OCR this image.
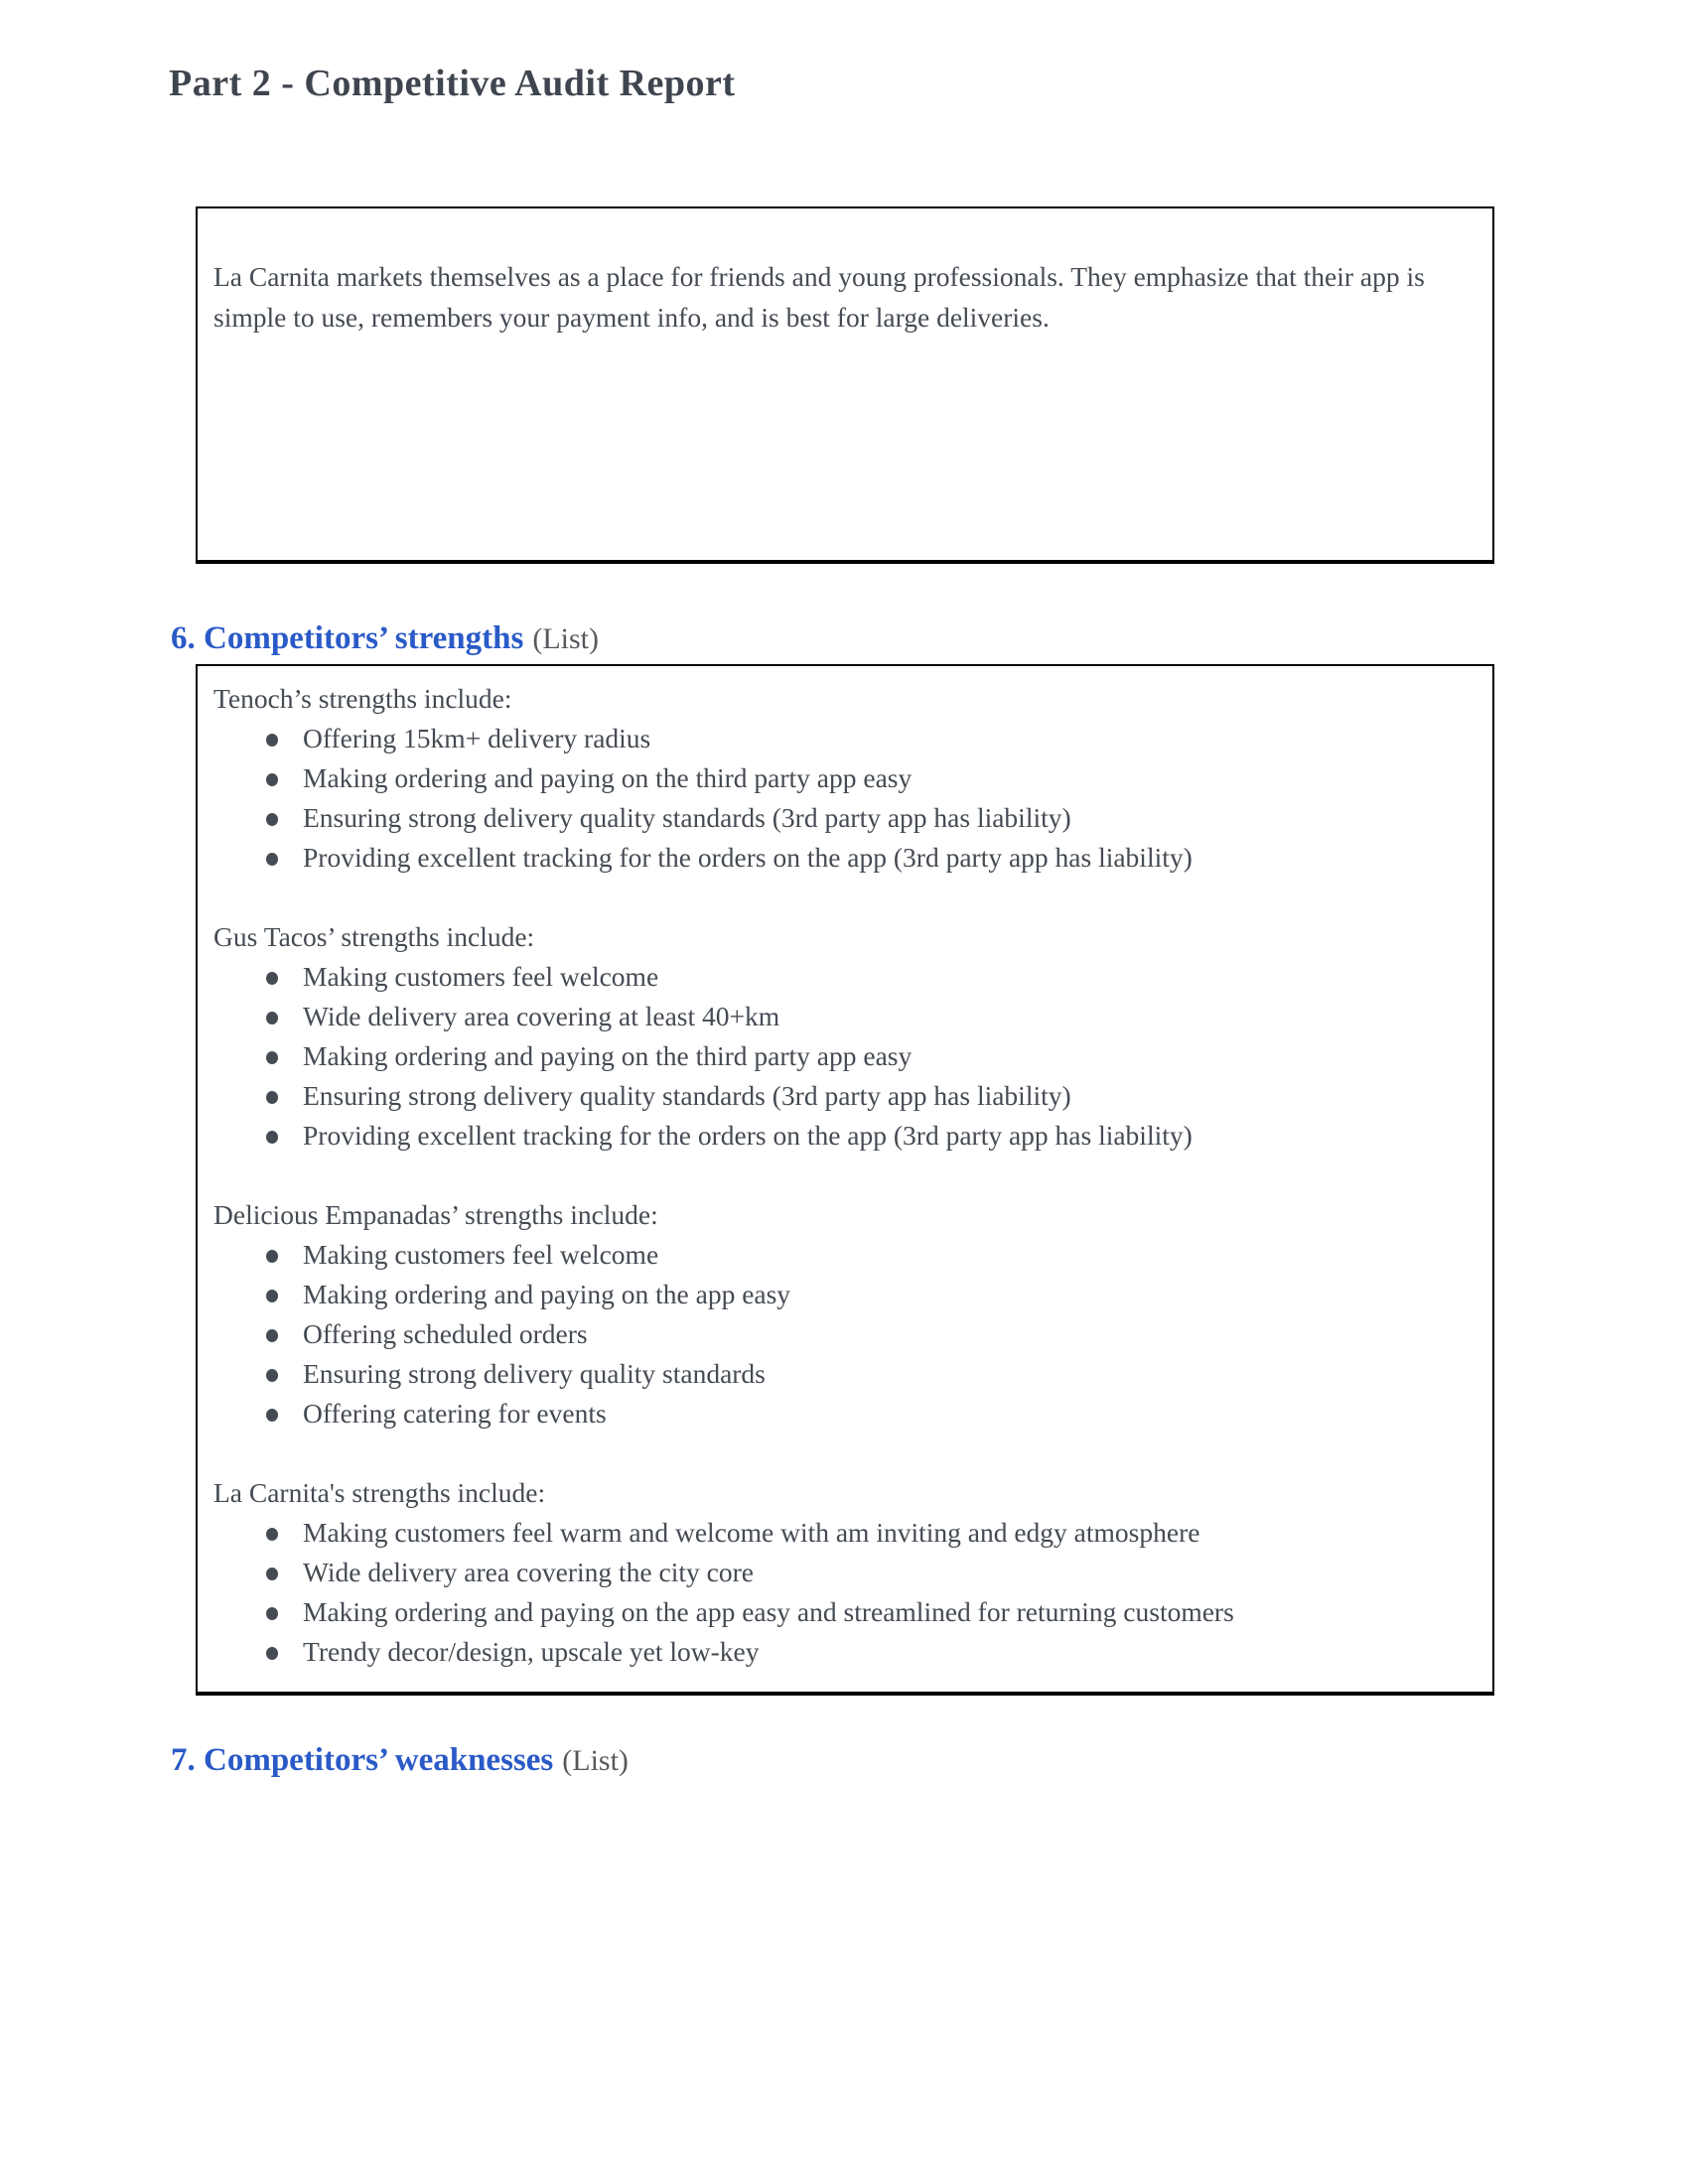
Part 2 - Competitive Audit Report

La Carnita markets themselves as a place for friends and young professionals. They emphasize that their app is simple to use, remembers your payment info, and is best for large deliveries.

6. Competitors’ strengths (List)

Tenoch’s strengths include:

Offering 15km+ delivery radius
Making ordering and paying on the third party app easy
Ensuring strong delivery quality standards (3rd party app has liability)
Providing excellent tracking for the orders on the app (3rd party app has liability)

Gus Tacos’ strengths include:

Making customers feel welcome
Wide delivery area covering at least 40+km
Making ordering and paying on the third party app easy
Ensuring strong delivery quality standards (3rd party app has liability)
Providing excellent tracking for the orders on the app (3rd party app has liability)

Delicious Empanadas’ strengths include:

Making customers feel welcome
Making ordering and paying on the app easy
Offering scheduled orders
Ensuring strong delivery quality standards
Offering catering for events

La Carnita's strengths include:

Making customers feel warm and welcome with am inviting and edgy atmosphere
Wide delivery area covering the city core
Making ordering and paying on the app easy and streamlined for returning customers
Trendy decor/design, upscale yet low-key
7. Competitors’ weaknesses (List)
